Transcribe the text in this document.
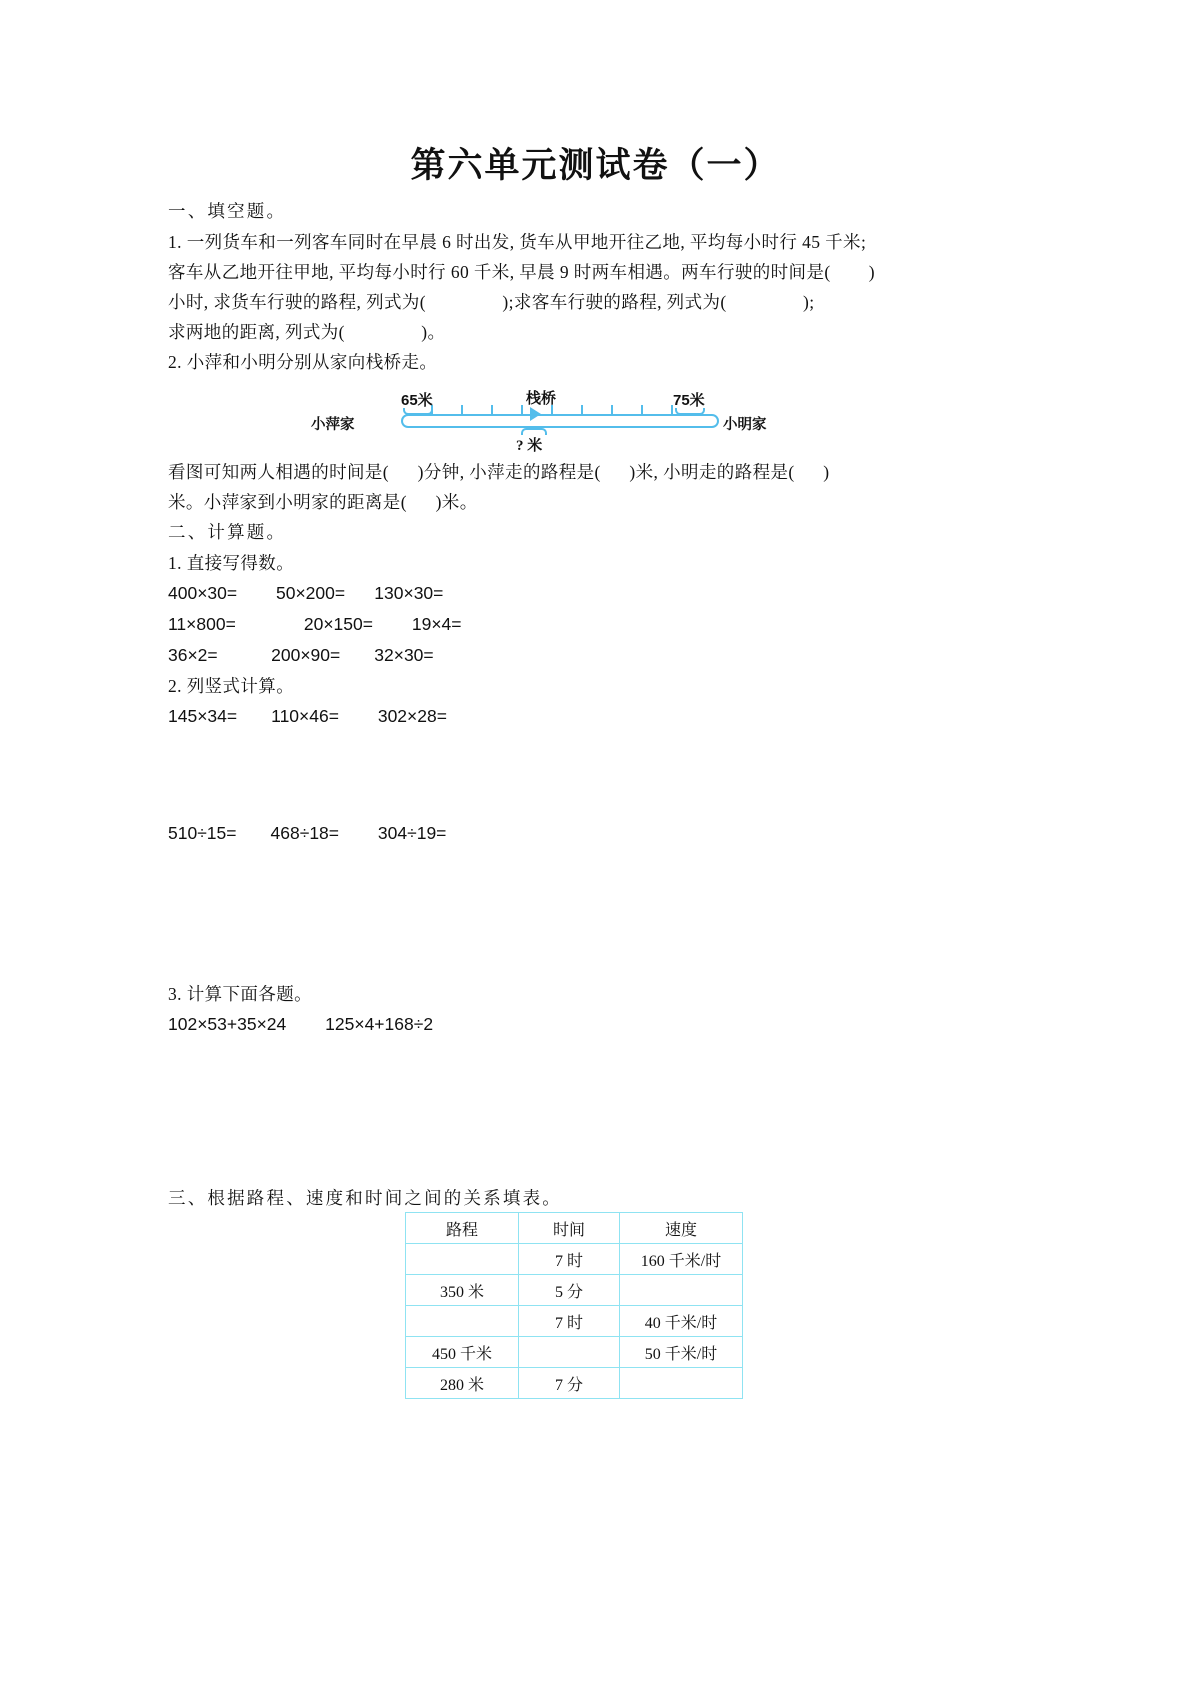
第六单元测试卷（一）
一、填空题。
1. 一列货车和一列客车同时在早晨 6 时出发, 货车从甲地开往乙地, 平均每小时行 45 千米;
客车从乙地开往甲地, 平均每小时行 60 千米, 早晨 9 时两车相遇。两车行驶的时间是(        )
小时, 求货车行驶的路程, 列式为(                );求客车行驶的路程, 列式为(                );
求两地的距离, 列式为(                )。
2. 小萍和小明分别从家向栈桥走。
小萍家	小明家
65米	75米
栈桥
? 米
看图可知两人相遇的时间是(      )分钟, 小萍走的路程是(      )米, 小明走的路程是(      )
米。小萍家到小明家的距离是(      )米。
二、计算题。
1. 直接写得数。
400×30=        50×200=      130×30=
11×800=              20×150=        19×4=
36×2=           200×90=       32×30=
2. 列竖式计算。
145×34=       110×46=        302×28=
510÷15=       468÷18=        304÷19=
3. 计算下面各题。
102×53+35×24        125×4+168÷2
三、根据路程、速度和时间之间的关系填表。
路程	时间	速度
	7 时	160 千米/时
350 米	5 分	
	7 时	40 千米/时
450 千米		50 千米/时
280 米	7 分	
